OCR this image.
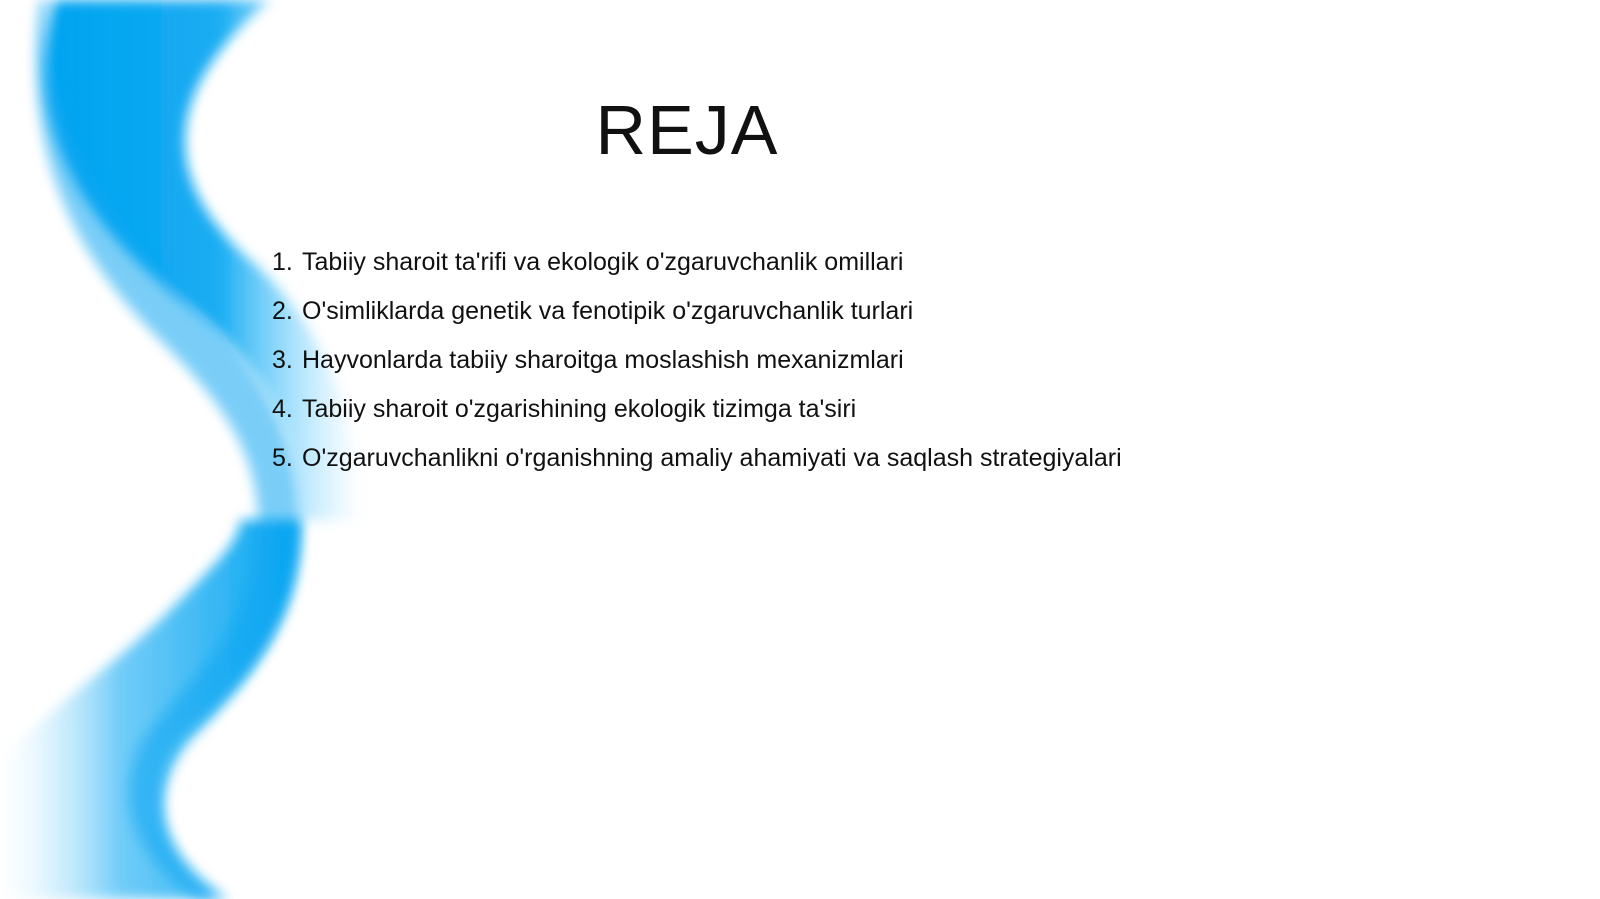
REJA
1. Tabiiy sharoit ta'rifi va ekologik o'zgaruvchanlik omillari
2. O'simliklarda genetik va fenotipik o'zgaruvchanlik turlari
3. Hayvonlarda tabiiy sharoitga moslashish mexanizmlari
4. Tabiiy sharoit o'zgarishining ekologik tizimga ta'siri
5. O'zgaruvchanlikni o'rganishning amaliy ahamiyati va saqlash strategiyalari
